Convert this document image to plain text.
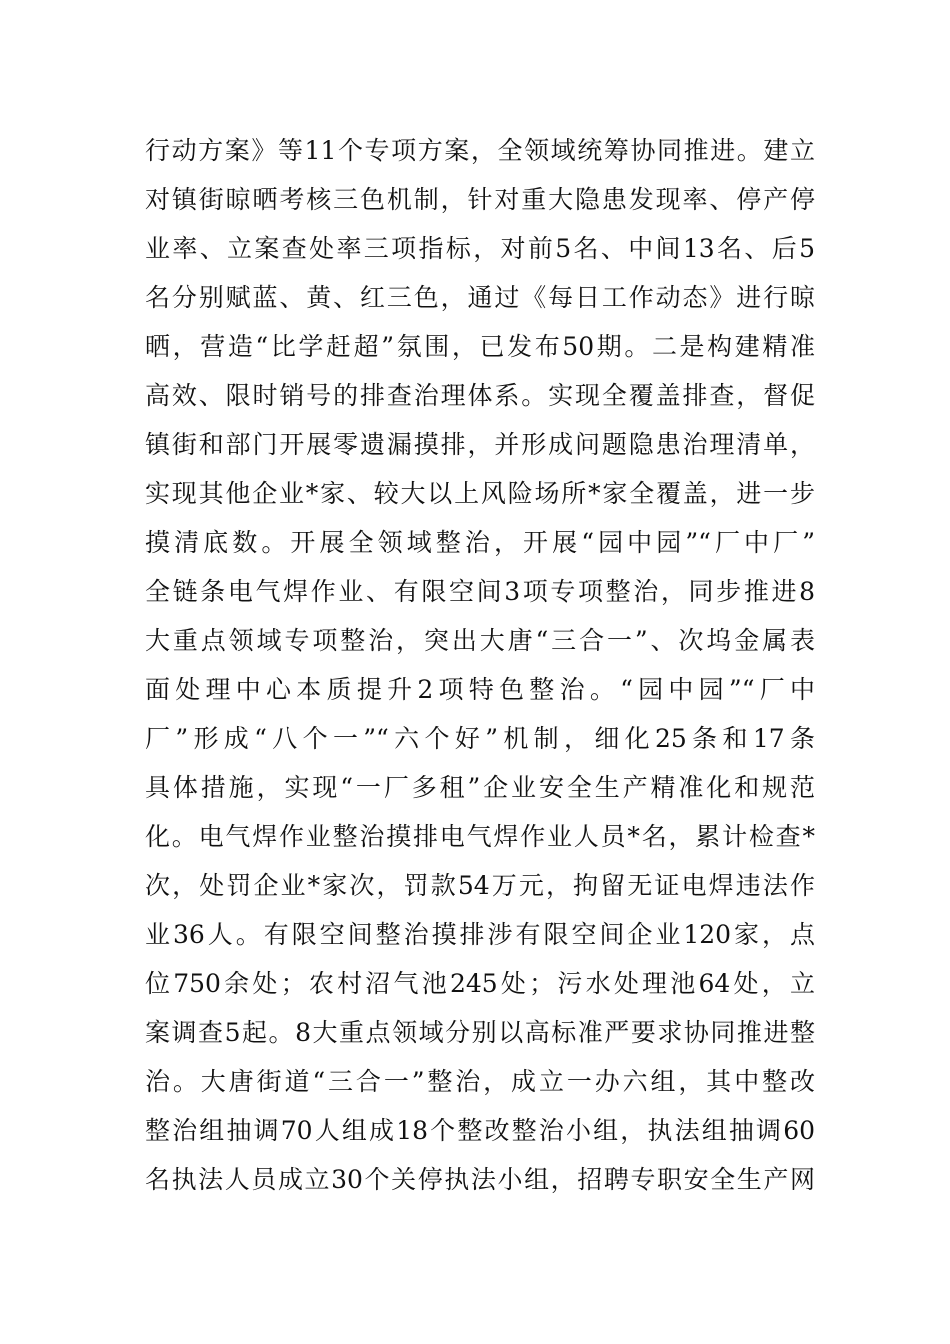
行动方案》等11个专项方案，全领域统筹协同推进。建立
对镇街晾晒考核三色机制，针对重大隐患发现率、停产停
业率、立案查处率三项指标，对前5名、中间13名、后5
名分别赋蓝、黄、红三色，通过《每日工作动态》进行晾
晒，营造“比学赶超”氛围，已发布50期。二是构建精准
高效、限时销号的排查治理体系。实现全覆盖排查，督促
镇街和部门开展零遗漏摸排，并形成问题隐患治理清单，
实现其他企业*家、较大以上风险场所*家全覆盖，进一步
摸清底数。开展全领域整治，开展“园中园”“厂中厂”
全链条电气焊作业、有限空间3项专项整治，同步推进8
大重点领域专项整治，突出大唐“三合一”、次坞金属表
面处理中心本质提升2项特色整治。“园中园”“厂中
厂”形成“八个一”“六个好”机制，细化25条和17条
具体措施，实现“一厂多租”企业安全生产精准化和规范
化。电气焊作业整治摸排电气焊作业人员*名，累计检查*
次，处罚企业*家次，罚款54万元，拘留无证电焊违法作
业36人。有限空间整治摸排涉有限空间企业120家，点
位750余处；农村沼气池245处；污水处理池64处，立
案调查5起。8大重点领域分别以高标准严要求协同推进整
治。大唐街道“三合一”整治，成立一办六组，其中整改
整治组抽调70人组成18个整改整治小组，执法组抽调60
名执法人员成立30个关停执法小组，招聘专职安全生产网
